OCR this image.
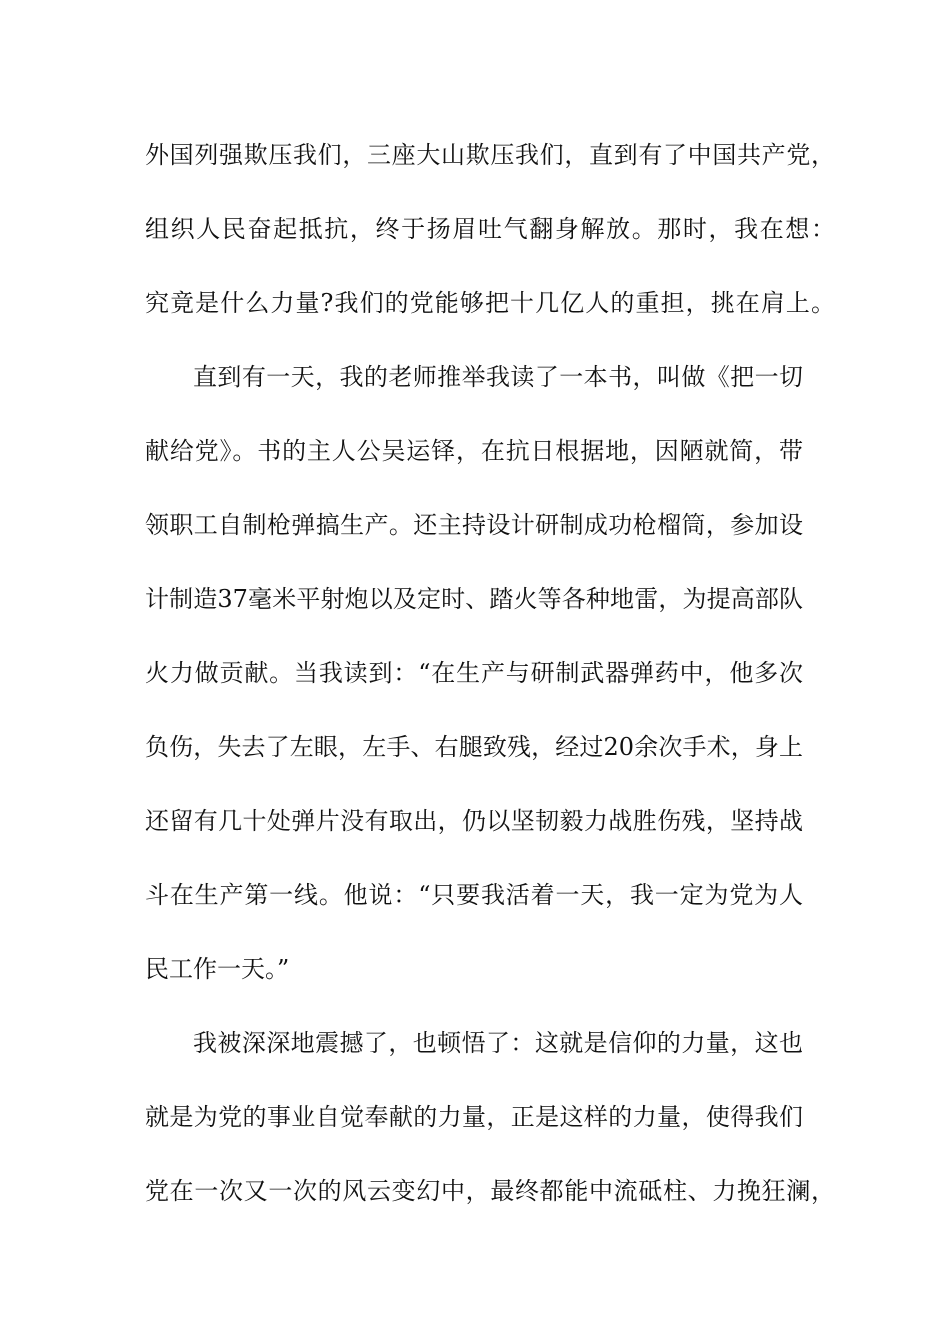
外国列强欺压我们，三座大山欺压我们，直到有了中国共产党，
组织人民奋起抵抗，终于扬眉吐气翻身解放。那时，我在想：
究竟是什么力量?我们的党能够把十几亿人的重担，挑在肩上。
直到有一天，我的老师推举我读了一本书，叫做《把一切
献给党》。书的主人公吴运铎，在抗日根据地，因陋就简，带
领职工自制枪弹搞生产。还主持设计研制成功枪榴筒，参加设
计制造37毫米平射炮以及定时、踏火等各种地雷，为提高部队
火力做贡献。当我读到：“在生产与研制武器弹药中，他多次
负伤，失去了左眼，左手、右腿致残，经过20余次手术，身上
还留有几十处弹片没有取出，仍以坚韧毅力战胜伤残，坚持战
斗在生产第一线。他说：“只要我活着一天，我一定为党为人
民工作一天。”
我被深深地震撼了，也顿悟了：这就是信仰的力量，这也
就是为党的事业自觉奉献的力量，正是这样的力量，使得我们
党在一次又一次的风云变幻中，最终都能中流砥柱、力挽狂澜，
